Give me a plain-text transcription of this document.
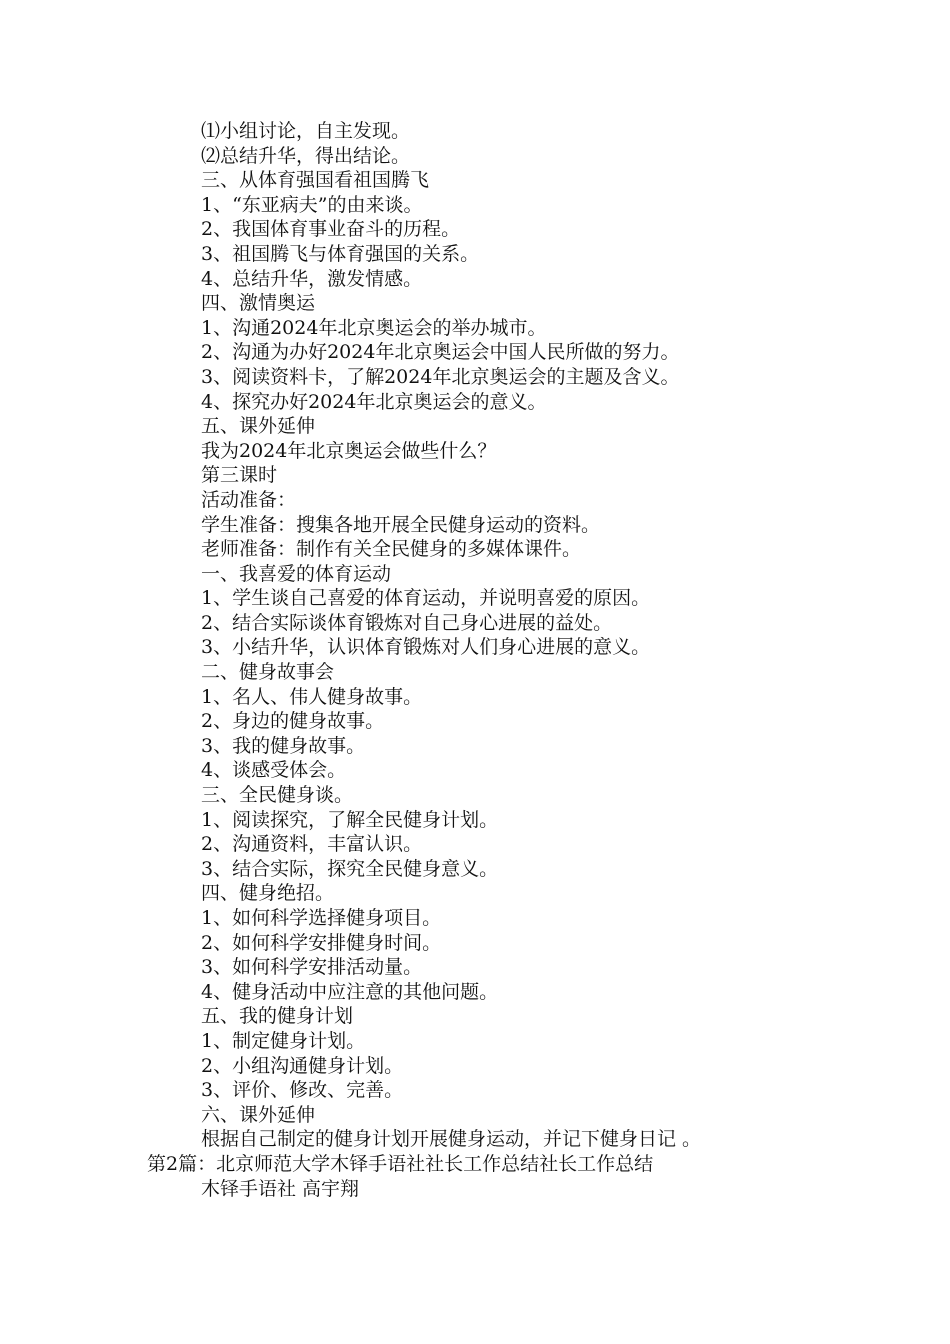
⑴小组讨论，自主发现。
⑵总结升华，得出结论。
三、从体育强国看祖国腾飞
1、“东亚病夫”的由来谈。
2、我国体育事业奋斗的历程。
3、祖国腾飞与体育强国的关系。
4、总结升华，激发情感。
四、激情奥运
1、沟通2024年北京奥运会的举办城市。
2、沟通为办好2024年北京奥运会中国人民所做的努力。
3、阅读资料卡，了解2024年北京奥运会的主题及含义。
4、探究办好2024年北京奥运会的意义。
五、课外延伸
我为2024年北京奥运会做些什么？
第三课时
活动准备：
学生准备：搜集各地开展全民健身运动的资料。
老师准备：制作有关全民健身的多媒体课件。
一、我喜爱的体育运动
1、学生谈自己喜爱的体育运动，并说明喜爱的原因。
2、结合实际谈体育锻炼对自己身心进展的益处。
3、小结升华，认识体育锻炼对人们身心进展的意义。
二、健身故事会
1、名人、伟人健身故事。
2、身边的健身故事。
3、我的健身故事。
4、谈感受体会。
三、全民健身谈。
1、阅读探究，了解全民健身计划。
2、沟通资料，丰富认识。
3、结合实际，探究全民健身意义。
四、健身绝招。
1、如何科学选择健身项目。
2、如何科学安排健身时间。
3、如何科学安排活动量。
4、健身活动中应注意的其他问题。
五、我的健身计划
1、制定健身计划。
2、小组沟通健身计划。
3、评价、修改、完善。
六、课外延伸
根据自己制定的健身计划开展健身运动，并记下健身日记 。
第2篇：北京师范大学木铎手语社社长工作总结社长工作总结
木铎手语社 高宇翔
